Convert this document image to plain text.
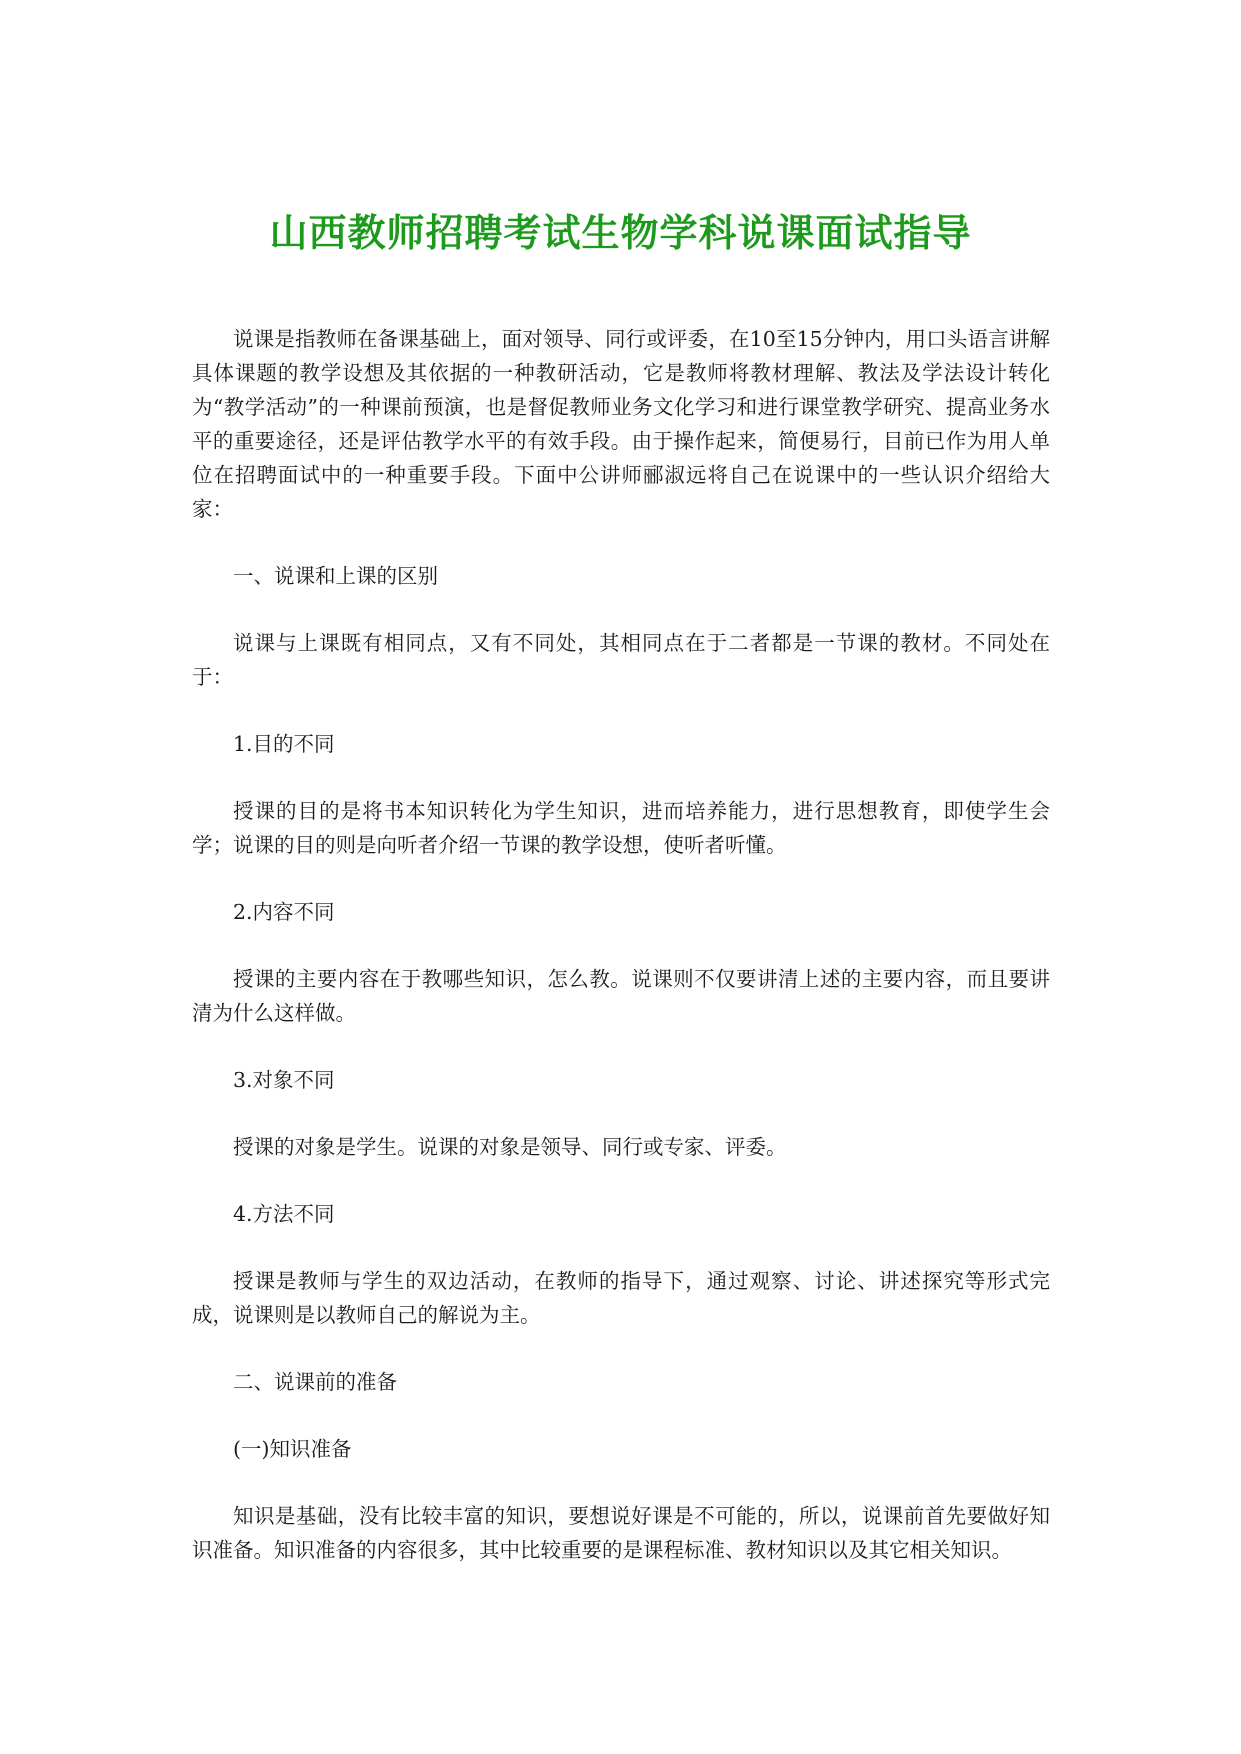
山西教师招聘考试生物学科说课面试指导

说课是指教师在备课基础上，面对领导、同行或评委，在10至15分钟内，用口头语言讲解具体课题的教学设想及其依据的一种教研活动，它是教师将教材理解、教法及学法设计转化为“教学活动”的一种课前预演，也是督促教师业务文化学习和进行课堂教学研究、提高业务水平的重要途径，还是评估教学水平的有效手段。由于操作起来，简便易行，目前已作为用人单位在招聘面试中的一种重要手段。下面中公讲师郦淑远将自己在说课中的一些认识介绍给大家：

一、说课和上课的区别

说课与上课既有相同点，又有不同处，其相同点在于二者都是一节课的教材。不同处在于：

1.目的不同

授课的目的是将书本知识转化为学生知识，进而培养能力，进行思想教育，即使学生会学；说课的目的则是向听者介绍一节课的教学设想，使听者听懂。

2.内容不同

授课的主要内容在于教哪些知识，怎么教。说课则不仅要讲清上述的主要内容，而且要讲清为什么这样做。

3.对象不同

授课的对象是学生。说课的对象是领导、同行或专家、评委。

4.方法不同

授课是教师与学生的双边活动，在教师的指导下，通过观察、讨论、讲述探究等形式完成，说课则是以教师自己的解说为主。

二、说课前的准备

(一)知识准备

知识是基础，没有比较丰富的知识，要想说好课是不可能的，所以，说课前首先要做好知识准备。知识准备的内容很多，其中比较重要的是课程标准、教材知识以及其它相关知识。
